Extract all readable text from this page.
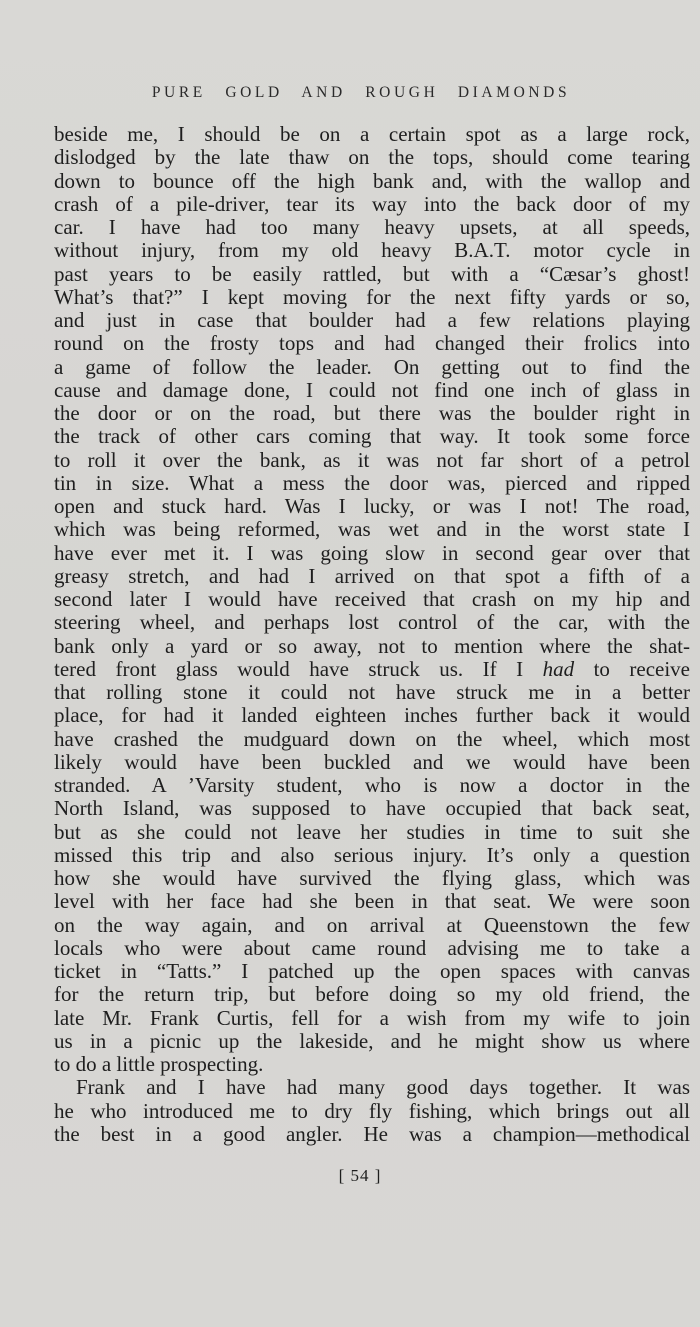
PURE GOLD AND ROUGH DIAMONDS
beside me, I should be on a certain spot as a large rock,
dislodged by the late thaw on the tops, should come tearing
down to bounce off the high bank and, with the wallop and
crash of a pile-driver, tear its way into the back door of my
car. I have had too many heavy upsets, at all speeds,
without injury, from my old heavy B.A.T. motor cycle in
past years to be easily rattled, but with a “Cæsar’s ghost!
What’s that?” I kept moving for the next fifty yards or so,
and just in case that boulder had a few relations playing
round on the frosty tops and had changed their frolics into
a game of follow the leader. On getting out to find the
cause and damage done, I could not find one inch of glass in
the door or on the road, but there was the boulder right in
the track of other cars coming that way. It took some force
to roll it over the bank, as it was not far short of a petrol
tin in size. What a mess the door was, pierced and ripped
open and stuck hard. Was I lucky, or was I not! The road,
which was being reformed, was wet and in the worst state I
have ever met it. I was going slow in second gear over that
greasy stretch, and had I arrived on that spot a fifth of a
second later I would have received that crash on my hip and
steering wheel, and perhaps lost control of the car, with the
bank only a yard or so away, not to mention where the shat-
tered front glass would have struck us. If I had to receive
that rolling stone it could not have struck me in a better
place, for had it landed eighteen inches further back it would
have crashed the mudguard down on the wheel, which most
likely would have been buckled and we would have been
stranded. A ’Varsity student, who is now a doctor in the
North Island, was supposed to have occupied that back seat,
but as she could not leave her studies in time to suit she
missed this trip and also serious injury. It’s only a question
how she would have survived the flying glass, which was
level with her face had she been in that seat. We were soon
on the way again, and on arrival at Queenstown the few
locals who were about came round advising me to take a
ticket in “Tatts.” I patched up the open spaces with canvas
for the return trip, but before doing so my old friend, the
late Mr. Frank Curtis, fell for a wish from my wife to join
us in a picnic up the lakeside, and he might show us where
to do a little prospecting.
Frank and I have had many good days together. It was
he who introduced me to dry fly fishing, which brings out all
the best in a good angler. He was a champion—methodical
[ 54 ]
